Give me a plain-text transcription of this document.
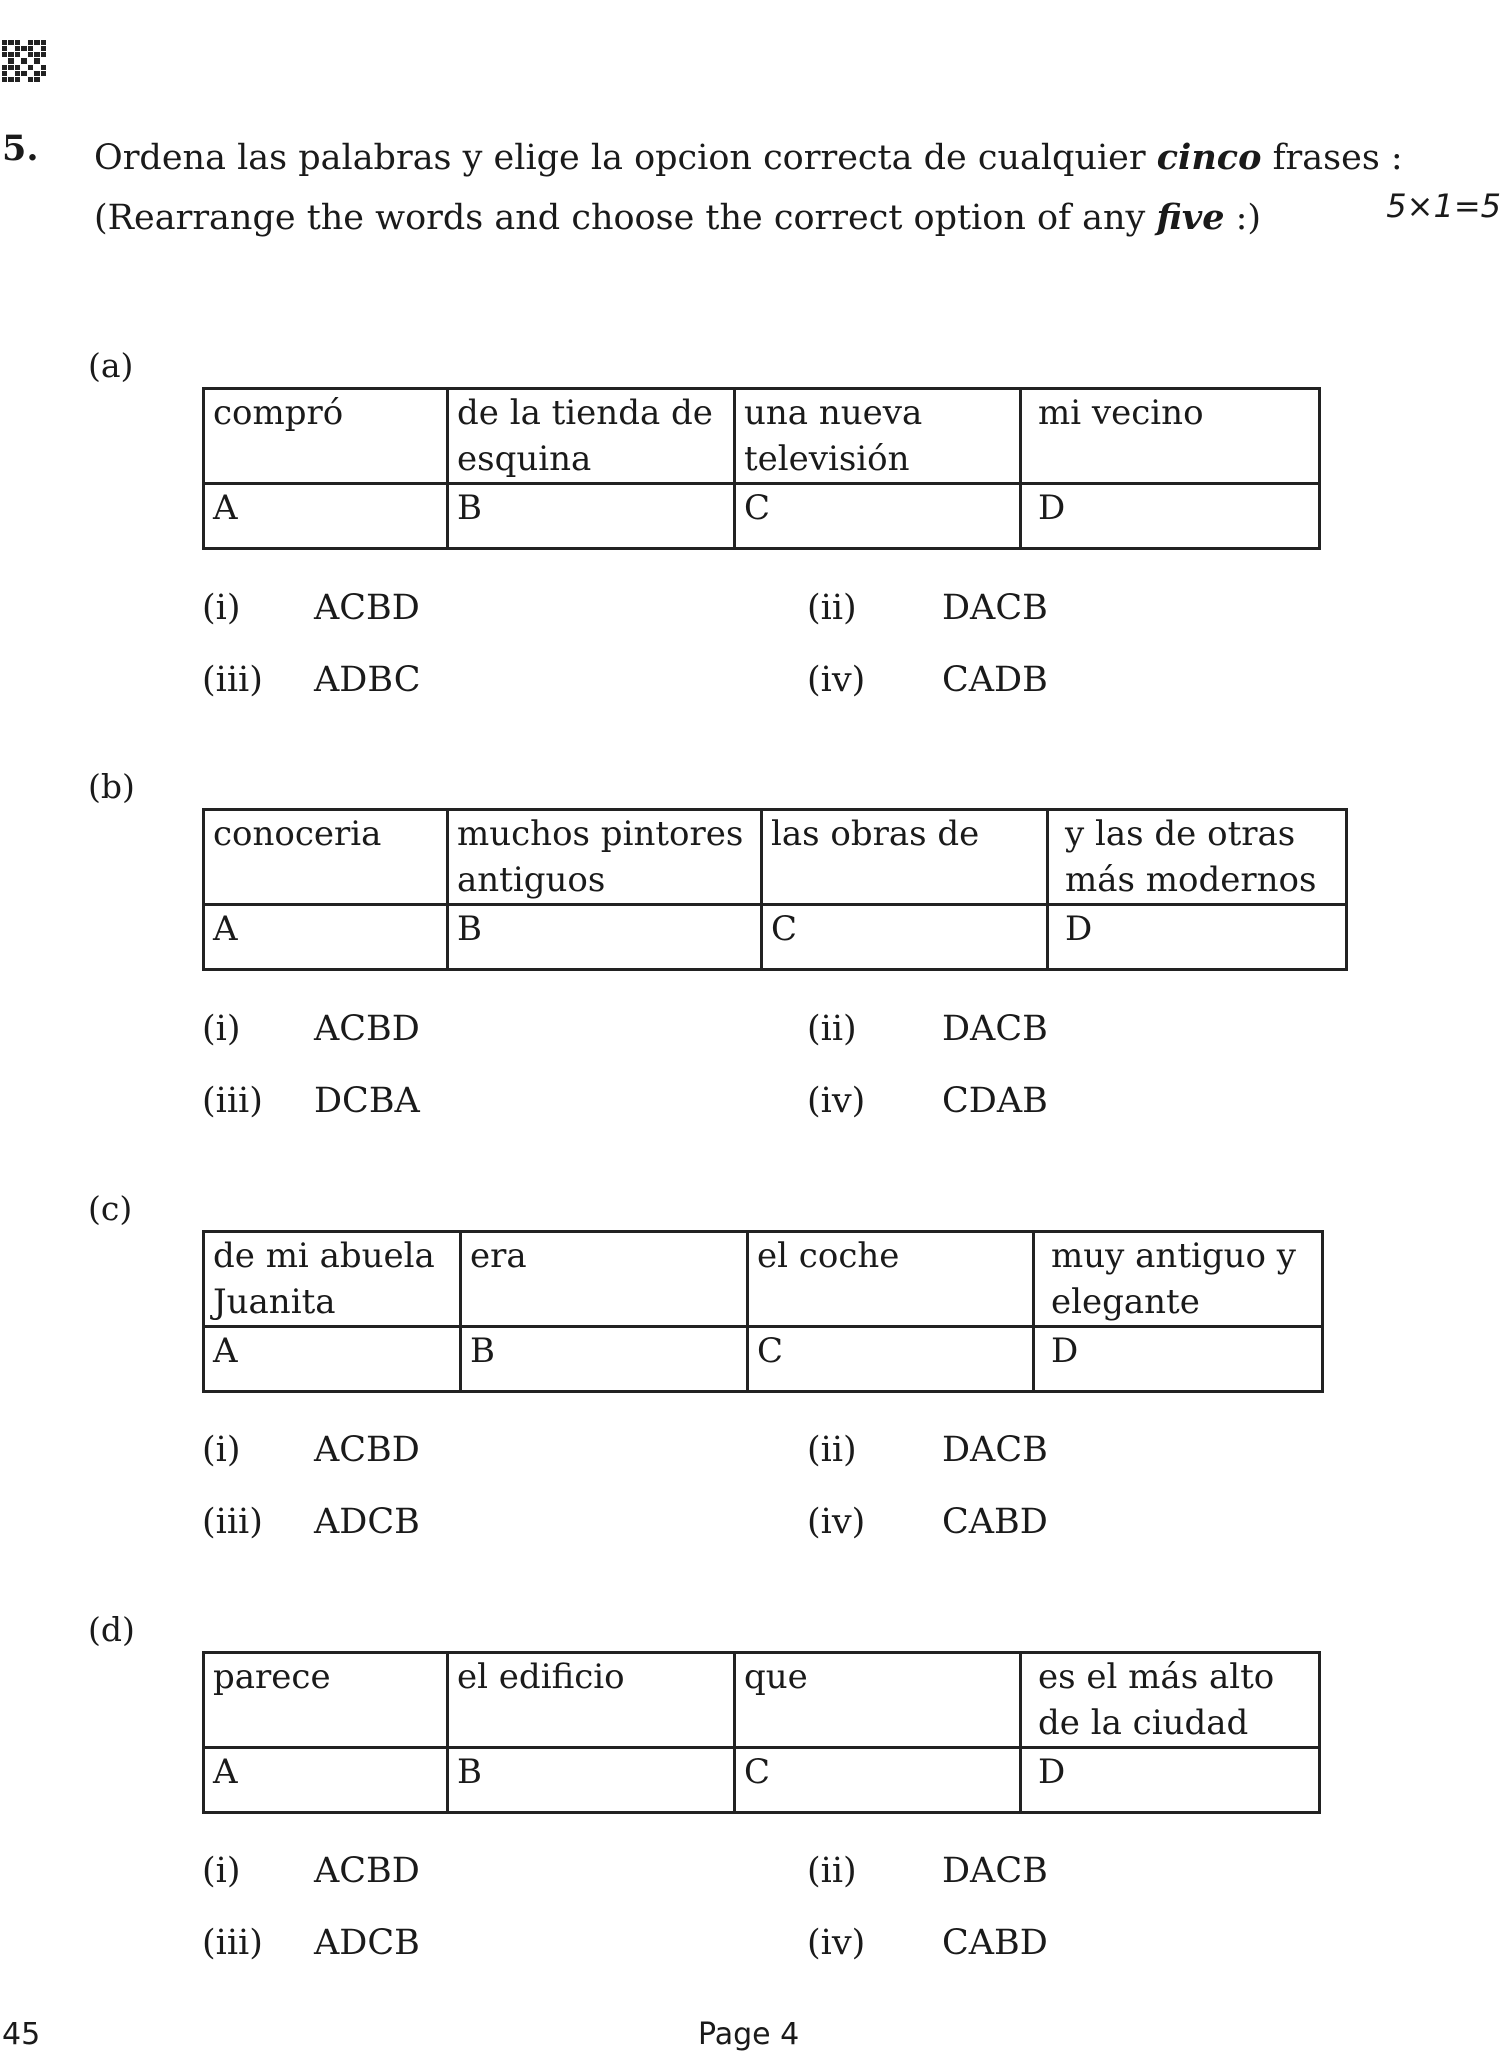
5. Ordena las palabras y elige la opcion correcta de cualquier cinco frases :
(Rearrange the words and choose the correct option of any five :)	5×1=5
(a)
compró	de la tienda de esquina	una nueva televisión	mi vecino
A	B	C	D
(i) ACBD	(ii) DACB
(iii) ADBC	(iv) CADB
(b)
conoceria	muchos pintores antiguos	las obras de	y las de otras más modernos
A	B	C	D
(i) ACBD	(ii) DACB
(iii) DCBA	(iv) CDAB
(c)
de mi abuela Juanita	era	el coche	muy antiguo y elegante
A	B	C	D
(i) ACBD	(ii) DACB
(iii) ADCB	(iv) CABD
(d)
parece	el edificio	que	es el más alto de la ciudad
A	B	C	D
(i) ACBD	(ii) DACB
(iii) ADCB	(iv) CABD
45	Page 4
